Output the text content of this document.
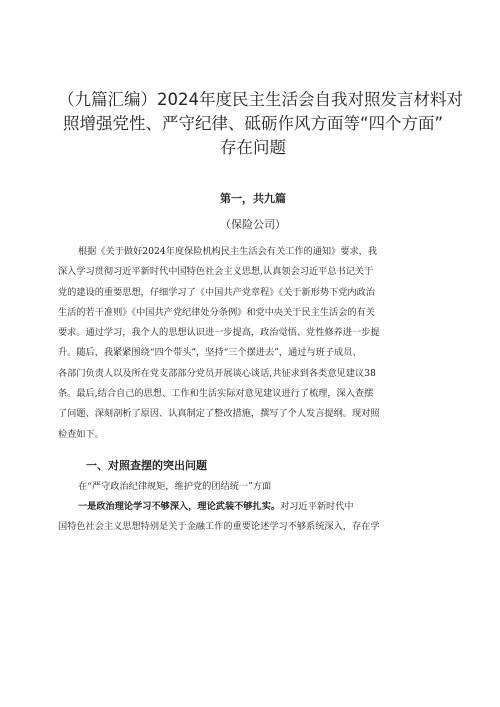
（九篇汇编）2024年度民主生活会自我对照发言材料对
照增强党性、严守纪律、砥砺作风方面等“四个方面”
存在问题

第一，共九篇

（保险公司）

根据《关于做好2024年度保险机构民主生活会有关工作的通知》要求，我
深入学习贯彻习近平新时代中国特色社会主义思想,认真领会习近平总书记关于
党的建设的重要思想，仔细学习了《中国共产党章程》《关于新形势下党内政治
生活的若干准则》《中国共产党纪律处分条例》和党中央关于民主生活会的有关
要求。通过学习，我个人的思想认识进一步提高，政治觉悟、党性修养进一步提
升。随后，我紧紧围绕“四个带头”，坚持“三个摆进去”，通过与班子成员、
各部门负责人以及所在党支部部分党员开展谈心谈话,共征求到各类意见建议38
条。最后,结合自己的思想、工作和生活实际对意见建议进行了梳理，深入查摆
了问题、深刻剖析了原因、认真制定了整改措施，撰写了个人发言提纲。现对照
检查如下。
一、对照查摆的突出问题
在“严守政治纪律规矩，维护党的团结统一”方面
一是政治理论学习不够深入，理论武装不够扎实。对习近平新时代中
国特色社会主义思想特别是关于金融工作的重要论述学习不够系统深入，存在学
